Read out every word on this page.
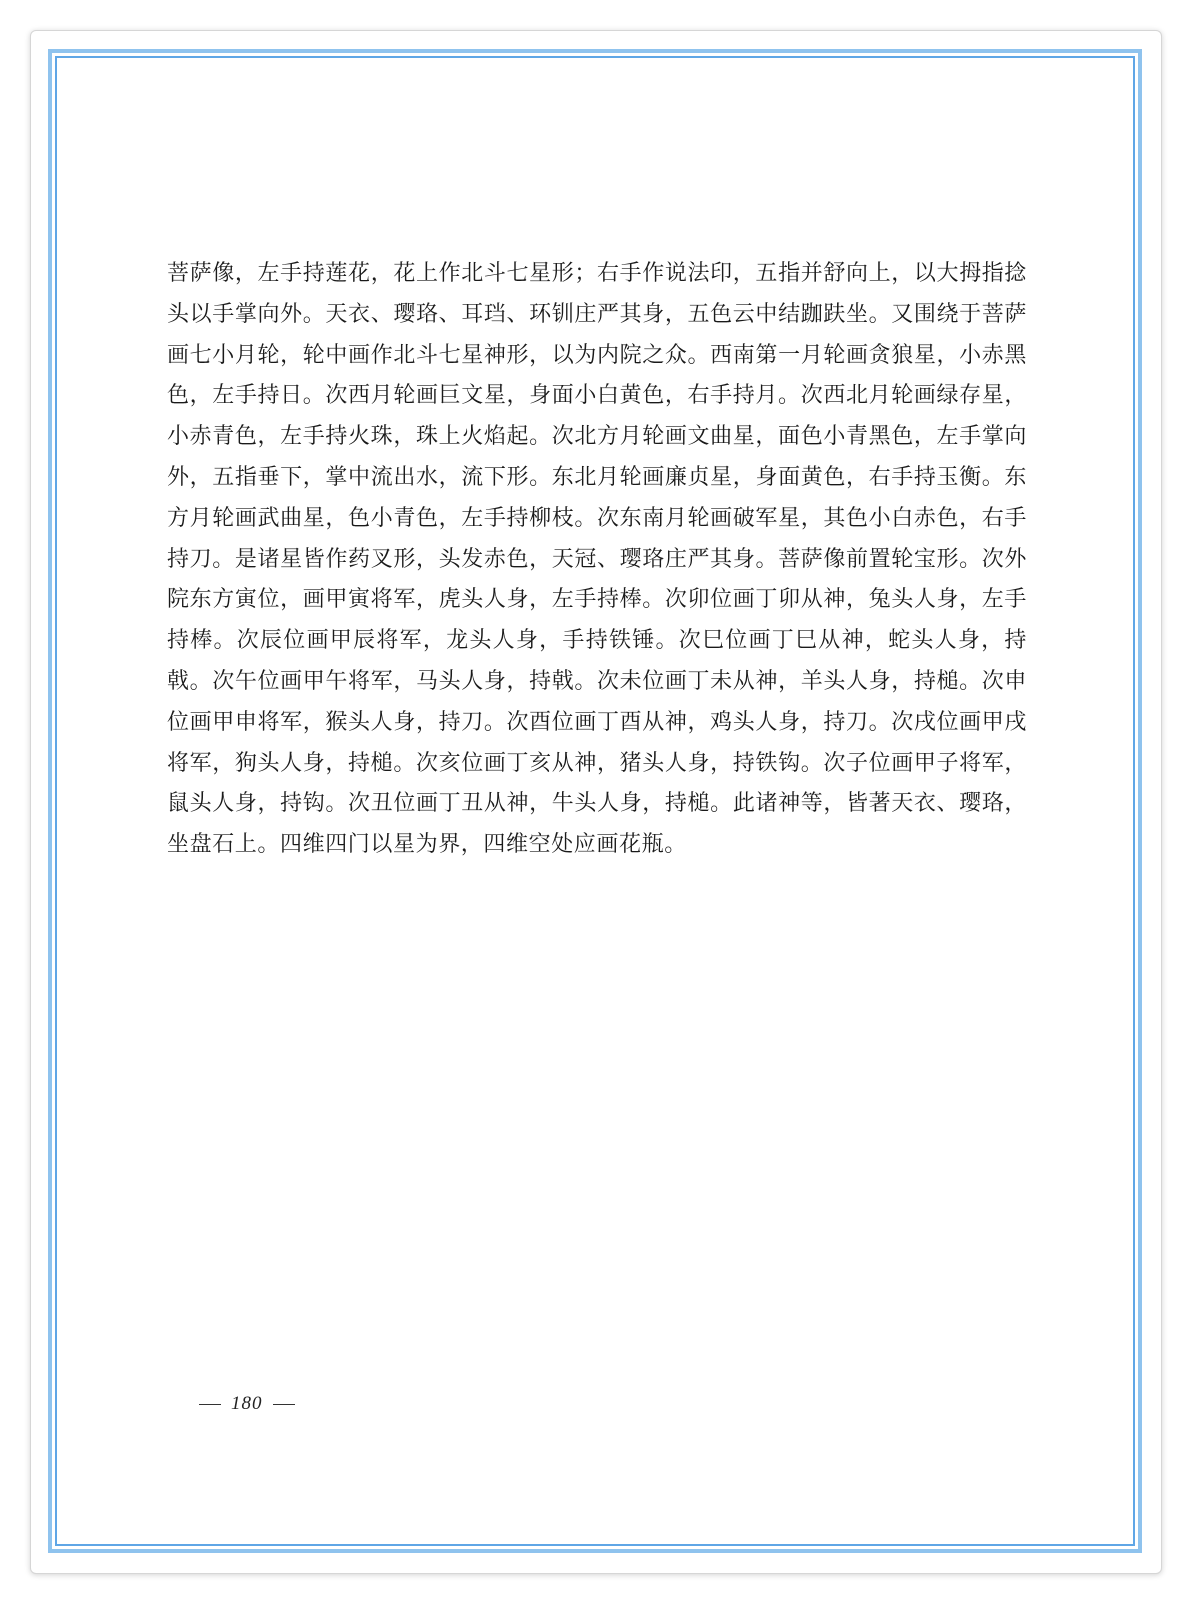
菩萨像，左手持莲花，花上作北斗七星形；右手作说法印，五指并舒向上，以大拇指捻头以手掌向外。天衣、璎珞、耳珰、环钏庄严其身，五色云中结跏趺坐。又围绕于菩萨画七小月轮，轮中画作北斗七星神形，以为内院之众。西南第一月轮画贪狼星，小赤黑色，左手持日。次西月轮画巨文星，身面小白黄色，右手持月。次西北月轮画绿存星，小赤青色，左手持火珠，珠上火焰起。次北方月轮画文曲星，面色小青黑色，左手掌向外，五指垂下，掌中流出水，流下形。东北月轮画廉贞星，身面黄色，右手持玉衡。东方月轮画武曲星，色小青色，左手持柳枝。次东南月轮画破军星，其色小白赤色，右手持刀。是诸星皆作药叉形，头发赤色，天冠、璎珞庄严其身。菩萨像前置轮宝形。次外院东方寅位，画甲寅将军，虎头人身，左手持棒。次卯位画丁卯从神，兔头人身，左手持棒。次辰位画甲辰将军，龙头人身，手持铁锤。次巳位画丁巳从神，蛇头人身，持戟。次午位画甲午将军，马头人身，持戟。次未位画丁未从神，羊头人身，持槌。次申位画甲申将军，猴头人身，持刀。次酉位画丁酉从神，鸡头人身，持刀。次戌位画甲戌将军，狗头人身，持槌。次亥位画丁亥从神，猪头人身，持铁钩。次子位画甲子将军，鼠头人身，持钩。次丑位画丁丑从神，牛头人身，持槌。此诸神等，皆著天衣、璎珞，坐盘石上。四维四门以星为界，四维空处应画花瓶。
180
